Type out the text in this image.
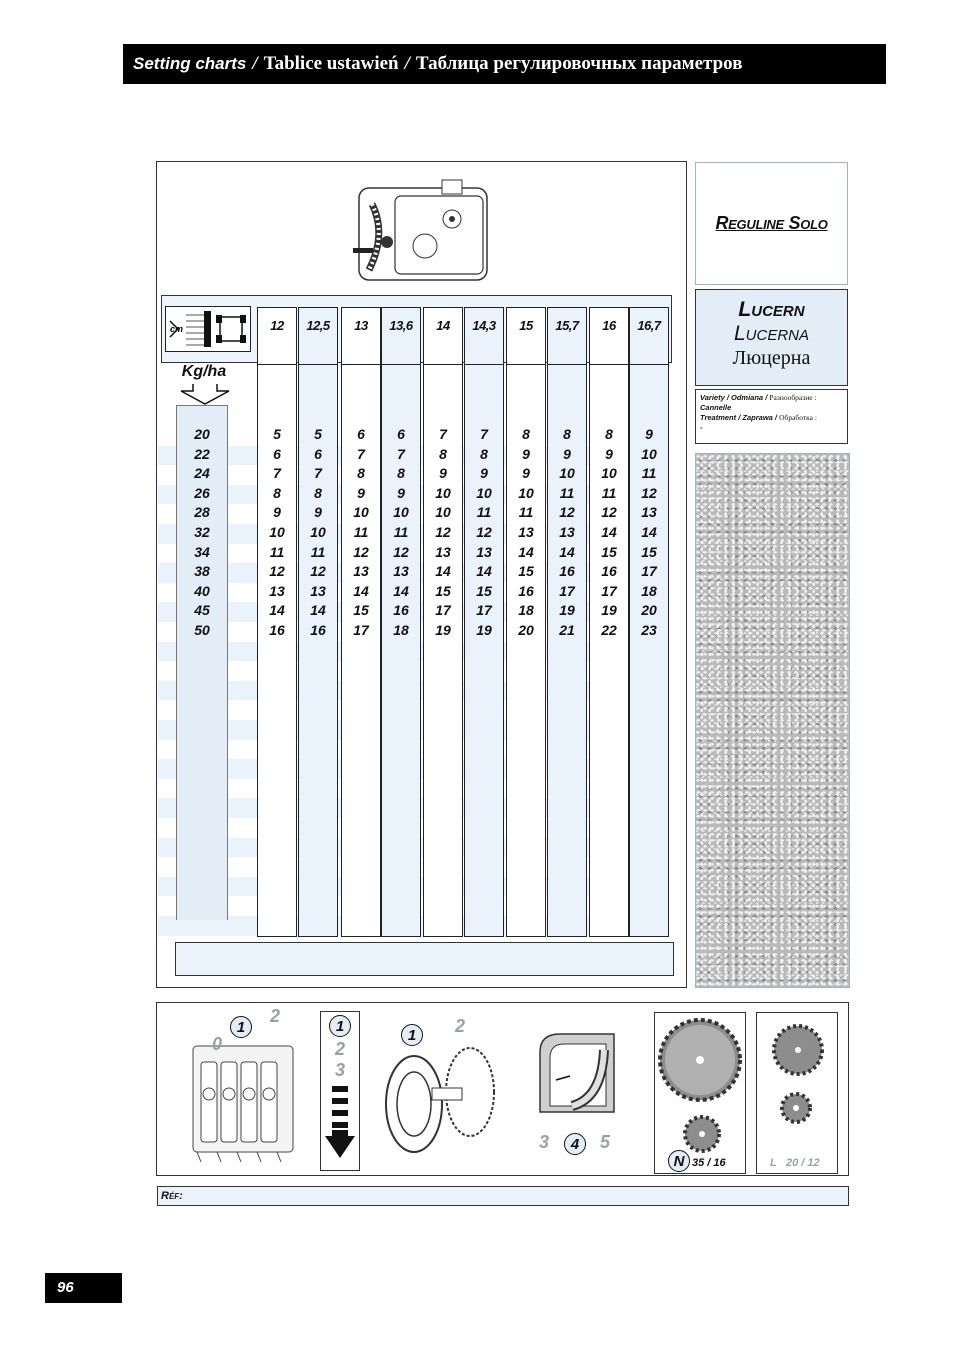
Setting charts / Tablice ustawień / Таблица регулировочных параметров
cm
Kg/ha
12	12,5	13	13,6	14	14,3	15	15,7	16	16,7
20	5	5	6	6	7	7	8	8	8	9
22	6	6	7	7	8	8	9	9	9	10
24	7	7	8	8	9	9	9	10	10	11
26	8	8	9	9	10	10	10	11	11	12
28	9	9	10	10	10	11	11	12	12	13
32	10	10	11	11	12	12	13	13	14	14
34	11	11	12	12	13	13	14	14	15	15
38	12	12	13	13	14	14	15	16	16	17
40	13	13	14	14	15	15	16	17	17	18
45	14	14	15	16	17	17	18	19	19	20
50	16	16	17	18	19	19	20	21	22	23
Reguline Solo
Lucern
Lucerna
Люцерна
Variety / Odmiana / Разнообразие :
Cannelle
Treatment / Zaprawa / Обработка :
-
1
2
0
1
2
3
1	2
3	4	5
N 35 / 16	L 20 / 12
Réf:
96
